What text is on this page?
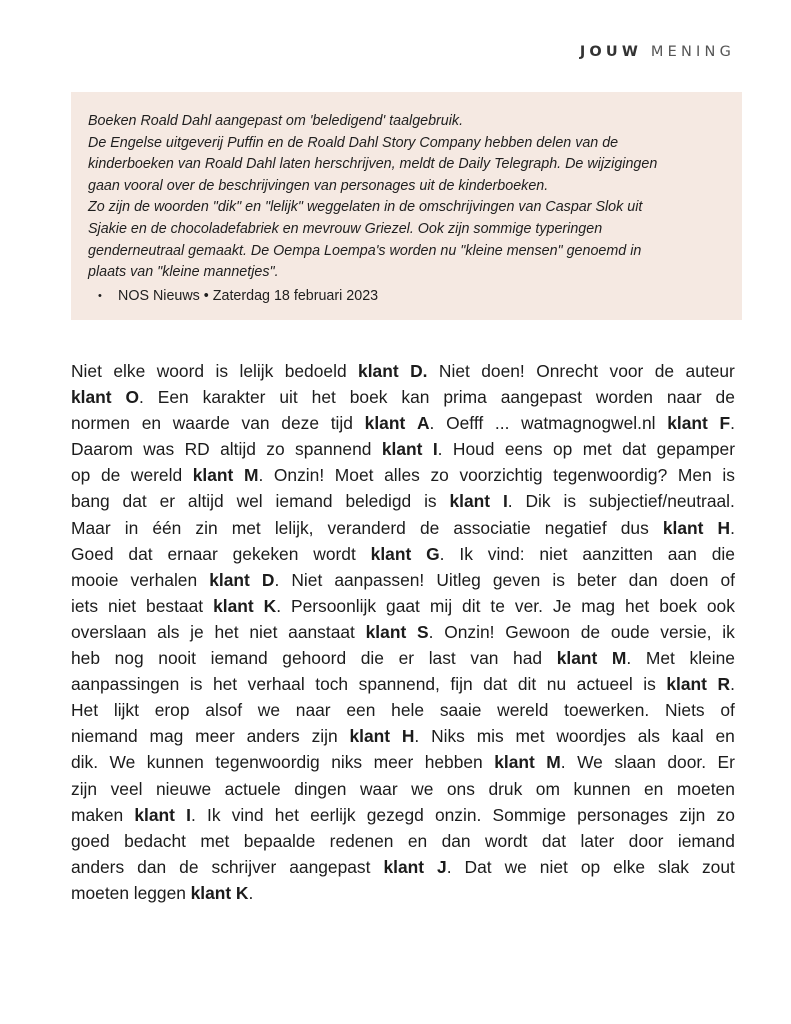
JOUW MENING
Boeken Roald Dahl aangepast om 'beledigend' taalgebruik.
De Engelse uitgeverij Puffin en de Roald Dahl Story Company hebben delen van de
kinderboeken van Roald Dahl laten herschrijven, meldt de Daily Telegraph. De wijzigingen
gaan vooral over de beschrijvingen van personages uit de kinderboeken.
Zo zijn de woorden "dik" en "lelijk" weggelaten in de omschrijvingen van Caspar Slok uit
Sjakie en de chocoladefabriek en mevrouw Griezel. Ook zijn sommige typeringen
genderneutraal gemaakt. De Oempa Loempa's worden nu "kleine mensen" genoemd in
plaats van "kleine mannetjes".
• NOS Nieuws • Zaterdag 18 februari 2023
Niet elke woord is lelijk bedoeld klant D. Niet doen! Onrecht voor de auteur
klant O. Een karakter uit het boek kan prima aangepast worden naar de
normen en waarde van deze tijd klant A. Oefff ... watmagnogwel.nl klant F.
Daarom was RD altijd zo spannend klant I. Houd eens op met dat gepamper
op de wereld klant M. Onzin! Moet alles zo voorzichtig tegenwoordig? Men is
bang dat er altijd wel iemand beledigd is klant I. Dik is subjectief/neutraal.
Maar in één zin met lelijk, veranderd de associatie negatief dus klant H.
Goed dat ernaar gekeken wordt klant G. Ik vind: niet aanzitten aan die
mooie verhalen klant D. Niet aanpassen! Uitleg geven is beter dan doen of
iets niet bestaat klant K. Persoonlijk gaat mij dit te ver. Je mag het boek ook
overslaan als je het niet aanstaat klant S. Onzin! Gewoon de oude versie, ik
heb nog nooit iemand gehoord die er last van had klant M. Met kleine
aanpassingen is het verhaal toch spannend, fijn dat dit nu actueel is klant R.
Het lijkt erop alsof we naar een hele saaie wereld toewerken. Niets of
niemand mag meer anders zijn klant H. Niks mis met woordjes als kaal en
dik. We kunnen tegenwoordig niks meer hebben klant M. We slaan door. Er
zijn veel nieuwe actuele dingen waar we ons druk om kunnen en moeten
maken klant I. Ik vind het eerlijk gezegd onzin. Sommige personages zijn zo
goed bedacht met bepaalde redenen en dan wordt dat later door iemand
anders dan de schrijver aangepast klant J. Dat we niet op elke slak zout
moeten leggen klant K.
